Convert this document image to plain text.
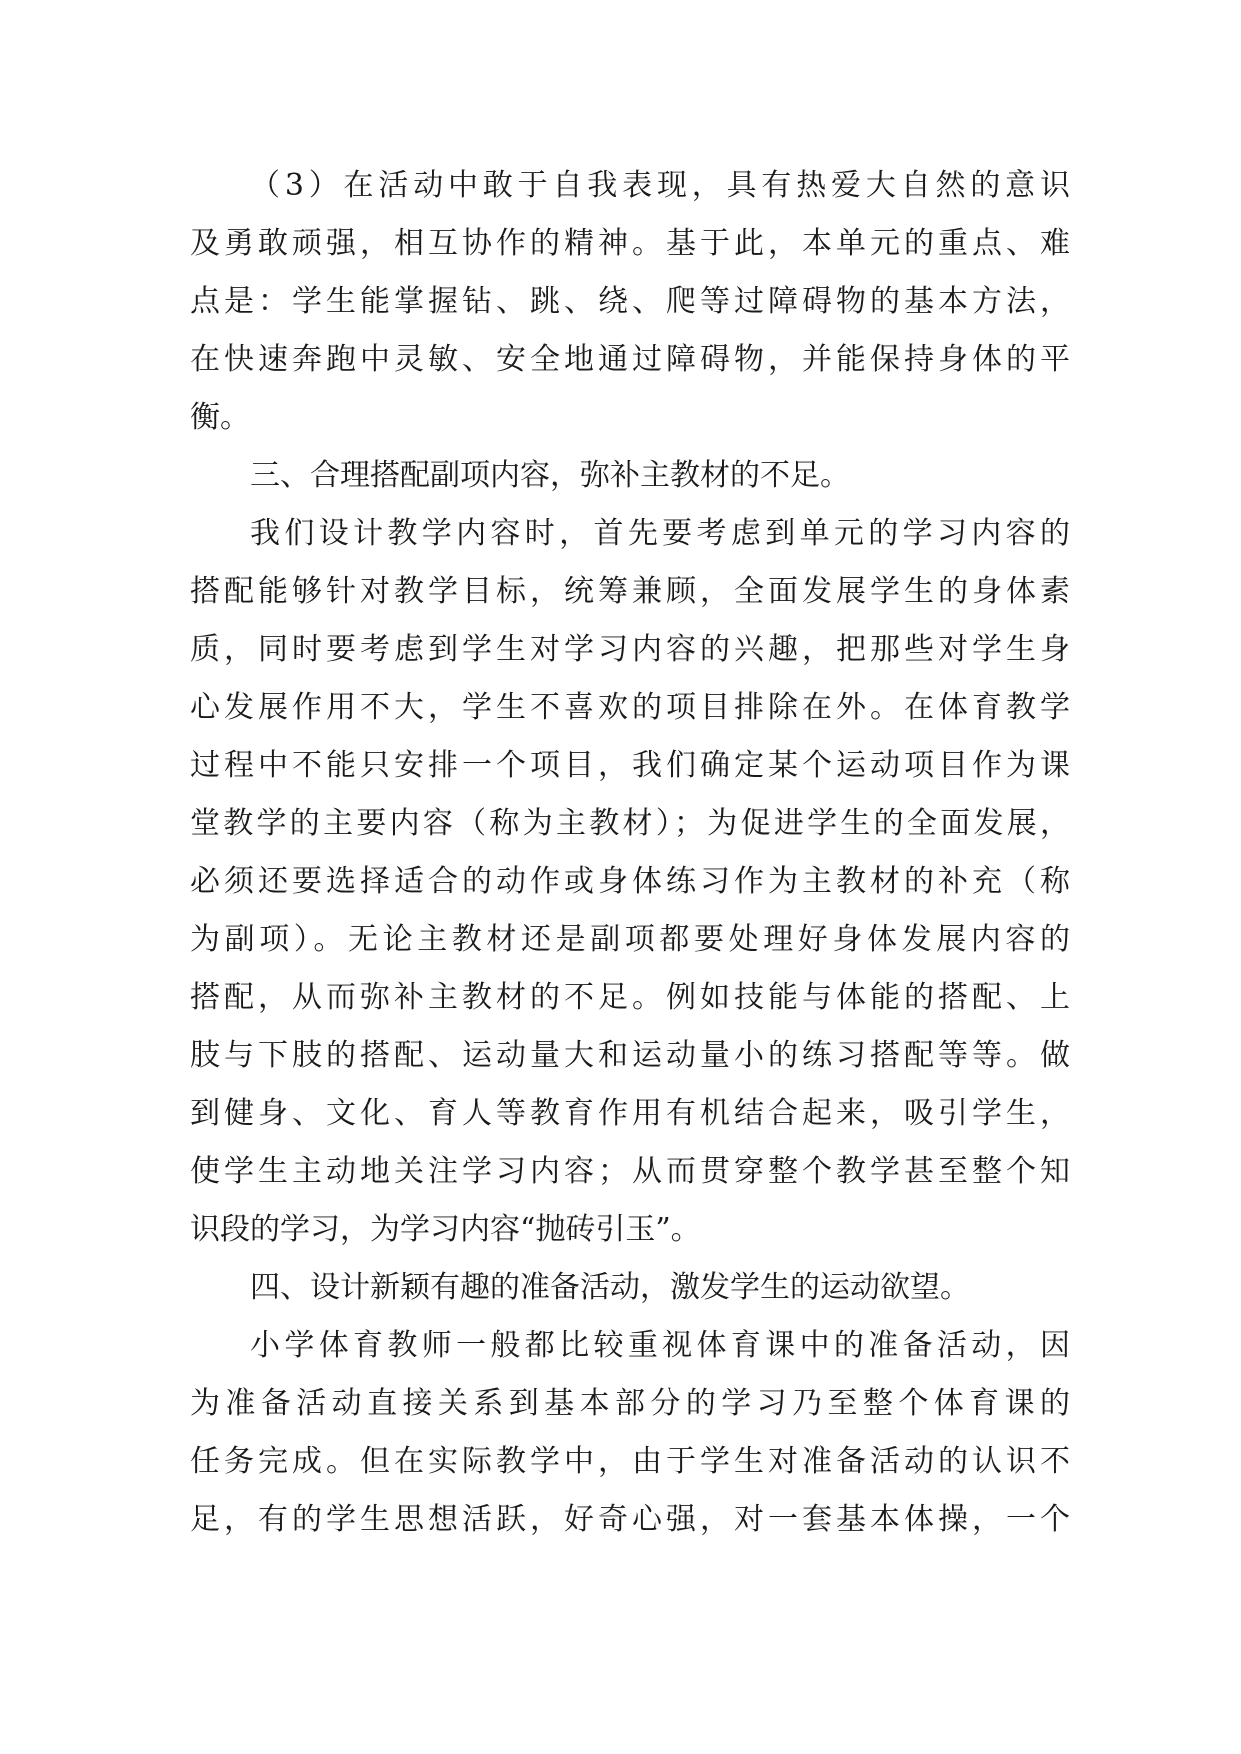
（3）在活动中敢于自我表现，具有热爱大自然的意识
及勇敢顽强，相互协作的精神。基于此，本单元的重点、难
点是：学生能掌握钻、跳、绕、爬等过障碍物的基本方法，
在快速奔跑中灵敏、安全地通过障碍物，并能保持身体的平
衡。
三、合理搭配副项内容，弥补主教材的不足。
我们设计教学内容时，首先要考虑到单元的学习内容的
搭配能够针对教学目标，统筹兼顾，全面发展学生的身体素
质，同时要考虑到学生对学习内容的兴趣，把那些对学生身
心发展作用不大，学生不喜欢的项目排除在外。在体育教学
过程中不能只安排一个项目，我们确定某个运动项目作为课
堂教学的主要内容（称为主教材）；为促进学生的全面发展，
必须还要选择适合的动作或身体练习作为主教材的补充（称
为副项）。无论主教材还是副项都要处理好身体发展内容的
搭配，从而弥补主教材的不足。例如技能与体能的搭配、上
肢与下肢的搭配、运动量大和运动量小的练习搭配等等。做
到健身、文化、育人等教育作用有机结合起来，吸引学生，
使学生主动地关注学习内容；从而贯穿整个教学甚至整个知
识段的学习，为学习内容“抛砖引玉”。
四、设计新颖有趣的准备活动，激发学生的运动欲望。
小学体育教师一般都比较重视体育课中的准备活动，因
为准备活动直接关系到基本部分的学习乃至整个体育课的
任务完成。但在实际教学中，由于学生对准备活动的认识不
足，有的学生思想活跃，好奇心强，对一套基本体操，一个
